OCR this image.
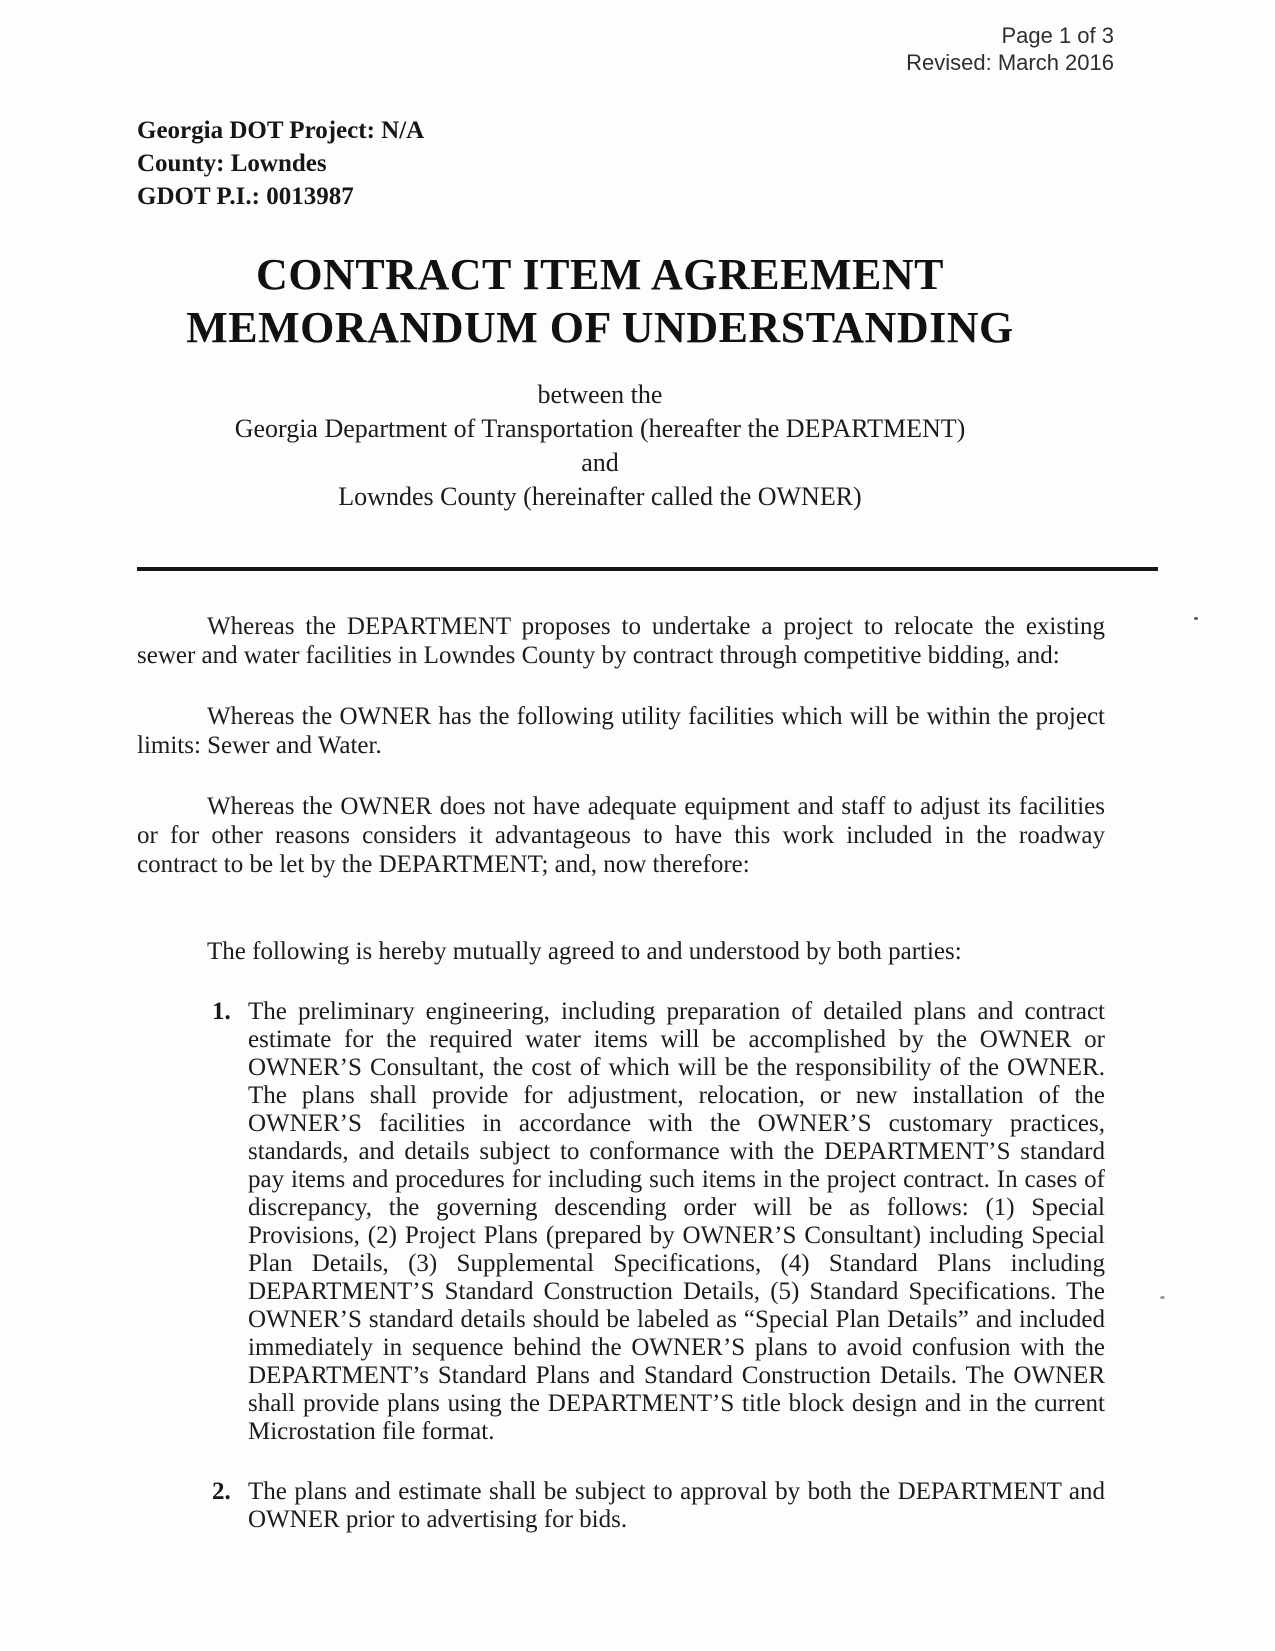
Page 1 of 3
Revised: March 2016
Georgia DOT Project: N/A
County: Lowndes
GDOT P.I.: 0013987
CONTRACT ITEM AGREEMENT
MEMORANDUM OF UNDERSTANDING
between the
Georgia Department of Transportation (hereafter the DEPARTMENT)
and
Lowndes County (hereinafter called the OWNER)

Whereas the DEPARTMENT proposes to undertake a project to relocate the existing sewer and water facilities in Lowndes County by contract through competitive bidding, and:

Whereas the OWNER has the following utility facilities which will be within the project limits: Sewer and Water.

Whereas the OWNER does not have adequate equipment and staff to adjust its facilities or for other reasons considers it advantageous to have this work included in the roadway contract to be let by the DEPARTMENT; and, now therefore:

The following is hereby mutually agreed to and understood by both parties:

1. The preliminary engineering, including preparation of detailed plans and contract estimate for the required water items will be accomplished by the OWNER or OWNER’S Consultant, the cost of which will be the responsibility of the OWNER. The plans shall provide for adjustment, relocation, or new installation of the OWNER’S facilities in accordance with the OWNER’S customary practices, standards, and details subject to conformance with the DEPARTMENT’S standard pay items and procedures for including such items in the project contract. In cases of discrepancy, the governing descending order will be as follows: (1) Special Provisions, (2) Project Plans (prepared by OWNER’S Consultant) including Special Plan Details, (3) Supplemental Specifications, (4) Standard Plans including DEPARTMENT’S Standard Construction Details, (5) Standard Specifications. The OWNER’S standard details should be labeled as “Special Plan Details” and included immediately in sequence behind the OWNER’S plans to avoid confusion with the DEPARTMENT’s Standard Plans and Standard Construction Details. The OWNER shall provide plans using the DEPARTMENT’S title block design and in the current Microstation file format.

2. The plans and estimate shall be subject to approval by both the DEPARTMENT and OWNER prior to advertising for bids.
